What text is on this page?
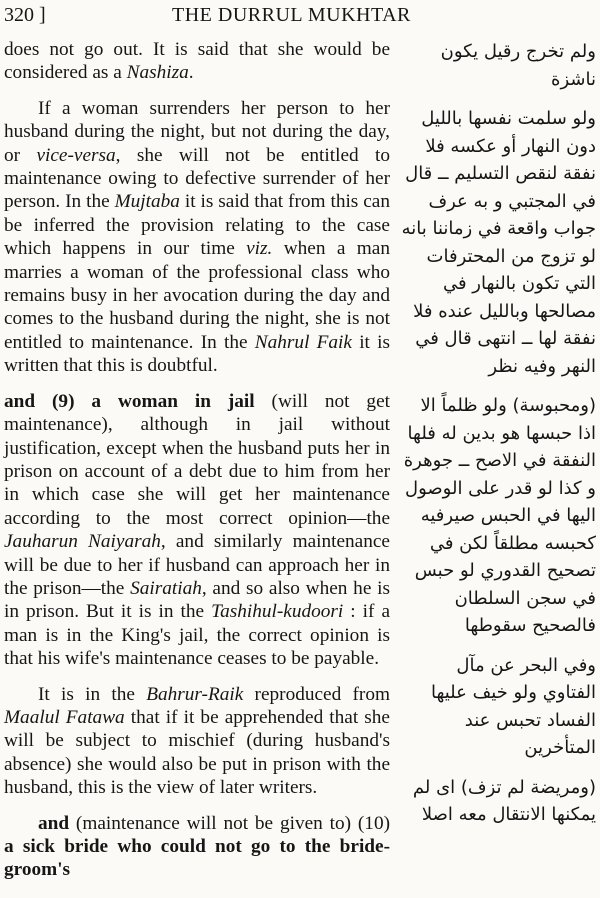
320 ]	THE DURRUL MUKHTAR

does not go out. It is said that she would be considered as a Nashiza.

If a woman surrenders her person to her husband during the night, but not during the day, or vice-versa, she will not be entitled to maintenance owing to defective surrender of her person. In the Mujtaba it is said that from this can be inferred the provision relating to the case which happens in our time viz. when a man marries a woman of the professional class who remains busy in her avocation during the day and comes to the husband during the night, she is not entitled to maintenance. In the Nahrul Faik it is written that this is doubtful.

and (9) a woman in jail (will not get maintenance), although in jail without justification, except when the husband puts her in prison on account of a debt due to him from her in which case she will get her maintenance according to the most correct opinion—the Jauharun Naiyarah, and similarly maintenance will be due to her if husband can approach her in the prison—the Sairatiah, and so also when he is in prison. But it is in the Tashihul-kudoori : if a man is in the King's jail, the correct opinion is that his wife's maintenance ceases to be payable.

It is in the Bahrur-Raik reproduced from Maalul Fatawa that if it be apprehended that she will be subject to mischief (during husband's absence) she would also be put in prison with the husband, this is the view of later writers.

and (maintenance will not be given to) (10) a sick bride who could not go to the bride-groom's

ولم تخرج رقيل يكون ناشزة
ولو سلمت نفسها بالليل دون النهار أو عكسه فلا نفقة لنقص التسليم ــ قال في المجتبي و به عرف جواب واقعة في زماننا بانه لو تزوج من المحترفات التي تكون بالنهار في مصالحها وبالليل عنده فلا نفقة لها ــ انتهى قال في النهر وفيه نظر
(ومحبوسة) ولو ظلماً الا اذا حبسها هو بدين له فلها النفقة في الاصح ــ جوهرة و كذا لو قدر على الوصول اليها في الحبس صيرفيه كحبسه مطلقاً لكن في تصحيح القدوري لو حبس في سجن السلطان فالصحيح سقوطها
وفي البحر عن مآل الفتاوي ولو خيف عليها الفساد تحبس عند المتأخرين
(ومريضة لم تزف) اى لم يمكنها الانتقال معه اصلا
